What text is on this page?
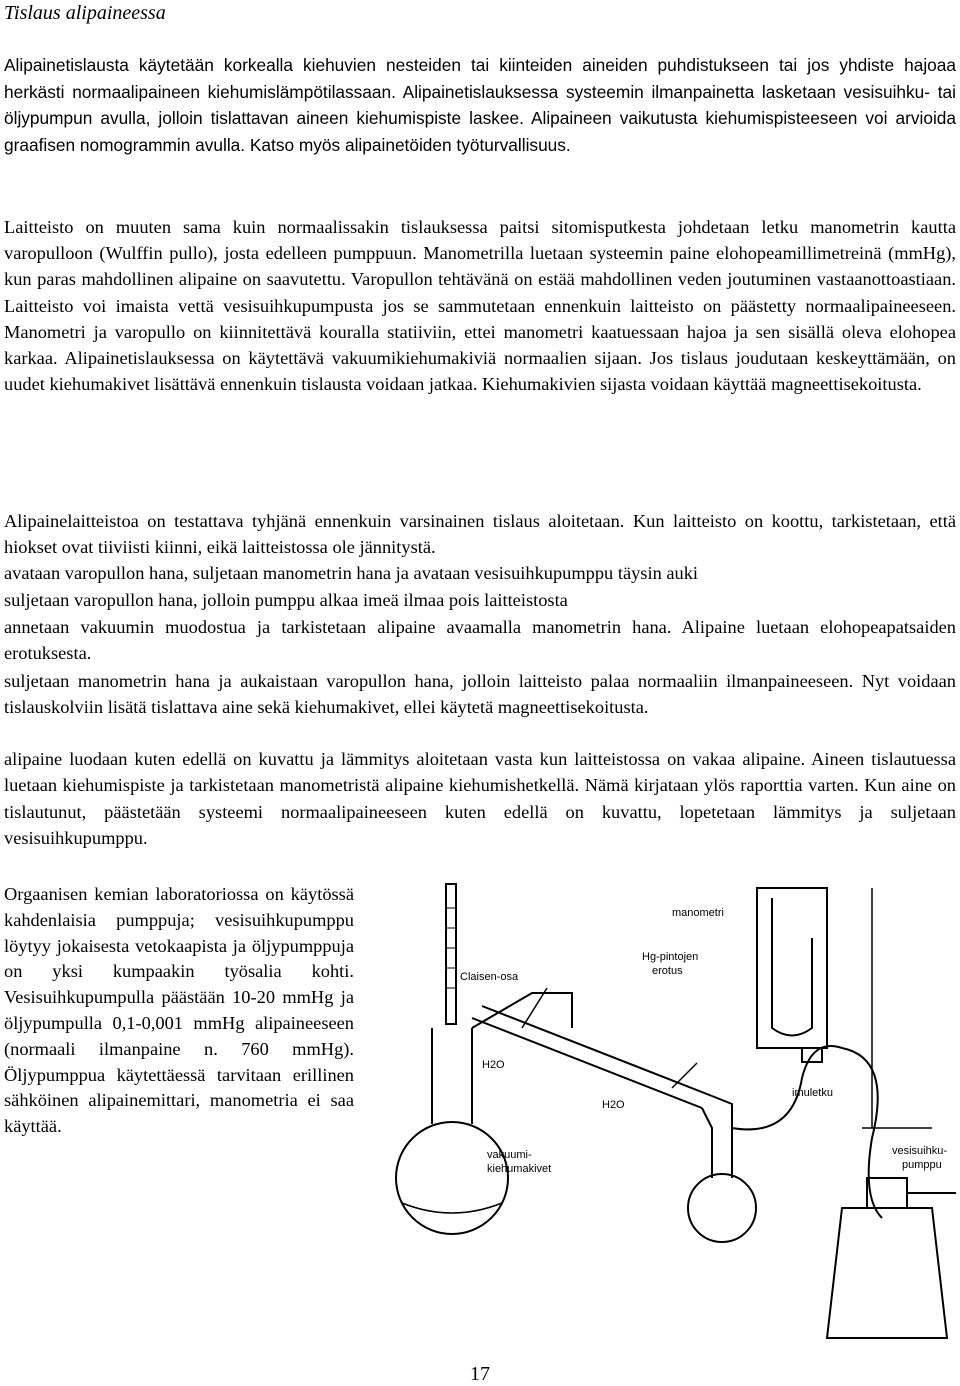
Tislaus alipaineessa
Alipainetislausta käytetään korkealla kiehuvien nesteiden tai kiinteiden aineiden puhdistukseen tai jos yhdiste hajoaa herkästi normaalipaineen kiehumislämpötilassaan. Alipainetislauksessa systeemin ilmanpainetta lasketaan vesisuihku- tai öljypumpun avulla, jolloin tislattavan aineen kiehumispiste laskee. Alipaineen vaikutusta kiehumispisteeseen voi arvioida graafisen nomogrammin avulla. Katso myös alipainetöiden työturvallisuus.
Laitteisto on muuten sama kuin normaalissakin tislauksessa paitsi sitomisputkesta johdetaan letku manometrin kautta varopulloon (Wulffin pullo), josta edelleen pumppuun. Manometrilla luetaan systeemin paine elohopeamillimetreinä (mmHg), kun paras mahdollinen alipaine on saavutettu. Varopullon tehtävänä on estää mahdollinen veden joutuminen vastaanottoastiaan. Laitteisto voi imaista vettä vesisuihkupumpusta jos se sammutetaan ennenkuin laitteisto on päästetty normaalipaineeseen. Manometri ja varopullo on kiinnitettävä kouralla statiiviin, ettei manometri kaatuessaan hajoa ja sen sisällä oleva elohopea karkaa. Alipainetislauksessa on käytettävä vakuumikiehumakiviä normaalien sijaan. Jos tislaus joudutaan keskeyttämään, on uudet kiehumakivet lisättävä ennenkuin tislausta voidaan jatkaa. Kiehumakivien sijasta voidaan käyttää magneettisekoitusta.
Alipainelaitteistoa on testattava tyhjänä ennenkuin varsinainen tislaus aloitetaan. Kun laitteisto on koottu, tarkistetaan, että hiokset ovat tiiviisti kiinni, eikä laitteistossa ole jännitystä.
avataan varopullon hana, suljetaan manometrin hana ja avataan vesisuihkupumppu täysin auki
suljetaan varopullon hana, jolloin pumppu alkaa imeä ilmaa pois laitteistosta
annetaan vakuumin muodostua ja tarkistetaan alipaine avaamalla manometrin hana. Alipaine luetaan elohopeapatsaiden erotuksesta.
suljetaan manometrin hana ja aukaistaan varopullon hana, jolloin laitteisto palaa normaaliin ilmanpaineeseen. Nyt voidaan tislauskolviin lisätä tislattava aine sekä kiehumakivet, ellei käytetä magneettisekoitusta.
alipaine luodaan kuten edellä on kuvattu ja lämmitys aloitetaan vasta kun laitteistossa on vakaa alipaine. Aineen tislautuessa luetaan kiehumispiste ja tarkistetaan manometristä alipaine kiehumishetkellä. Nämä kirjataan ylös raporttia varten. Kun aine on tislautunut, päästetään systeemi normaalipaineeseen kuten edellä on kuvattu, lopetetaan lämmitys ja suljetaan vesisuihkupumppu.
Orgaanisen kemian laboratoriossa on käytössä kahdenlaisia pumppuja; vesisuihkupumppu löytyy jokaisesta vetokaapista ja öljypumppuja on yksi kumpaakin työsalia kohti. Vesisuihkupumpulla päästään 10-20 mmHg ja öljypumpulla 0,1-0,001 mmHg alipaineeseen (normaali ilmanpaine n. 760 mmHg). Öljypumppua käytettäessä tarvitaan erillinen sähköinen alipainemittari, manometria ei saa käyttää.
manometri
Claisen-osa
Hg-pintojen
erotus
H2O
H2O
imuletku
vakuumi-
kiehumakivet
vesisuihku-
pumppu
17
